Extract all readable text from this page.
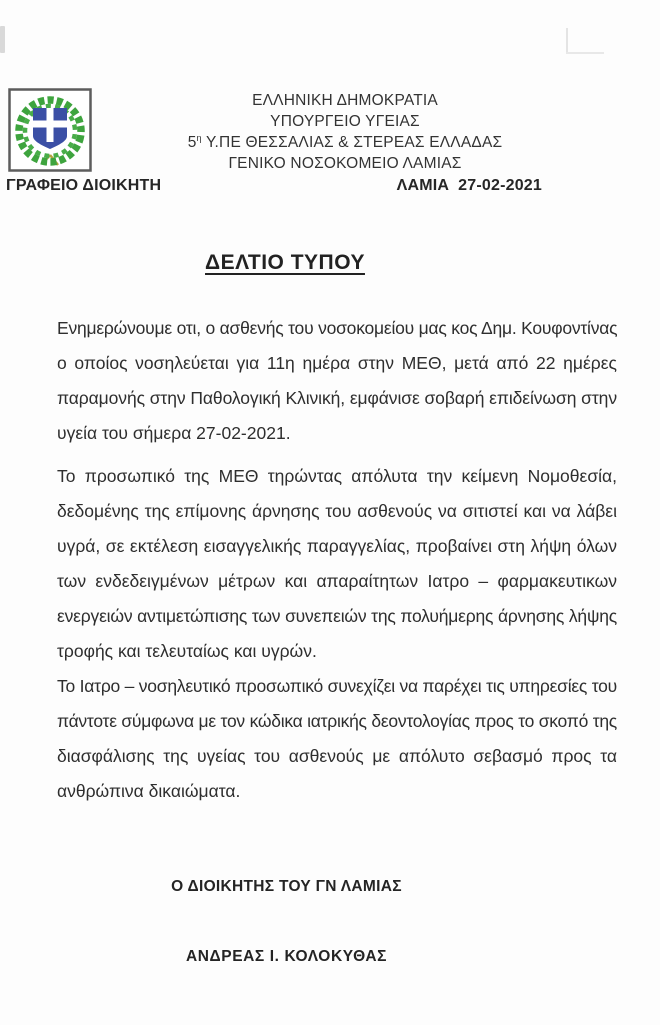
ΕΛΛΗΝΙΚΗ ΔΗΜΟΚΡΑΤΙΑ
ΥΠΟΥΡΓΕΙΟ ΥΓΕΙΑΣ
$5^\eta$ Υ.ΠΕ ΘΕΣΣΑΛΙΑΣ & ΣΤΕΡΕΑΣ ΕΛΛΑΔΑΣ
ΓΕΝΙΚΟ ΝΟΣΟΚΟΜΕΙΟ ΛΑΜΙΑΣ
ΓΡΑΦΕΙΟ ΔΙΟΙΚΗΤΗ	ΛΑΜΙΑ 27-02-2021
ΔΕΛΤΙΟ ΤΥΠΟΥ

Ενημερώνουμε οτι, ο ασθενής του νοσοκομείου μας κος Δημ. Κουφοντίνας
ο οποίος νοσηλεύεται για 11η ημέρα στην ΜΕΘ, μετά από 22 ημέρες
παραμονής στην Παθολογική Κλινική, εμφάνισε σοβαρή επιδείνωση στην
υγεία του σήμερα 27-02-2021.

Το προσωπικό της ΜΕΘ τηρώντας απόλυτα την κείμενη Νομοθεσία,
δεδομένης της επίμονης άρνησης του ασθενούς να σιτιστεί και να λάβει
υγρά, σε εκτέλεση εισαγγελικής παραγγελίας, προβαίνει στη λήψη όλων
των ενδεδειγμένων μέτρων και απαραίτητων Ιατρο – φαρμακευτικων
ενεργειών αντιμετώπισης των συνεπειών της πολυήμερης άρνησης λήψης
τροφής και τελευταίως και υγρών.

Το Ιατρο – νοσηλευτικό προσωπικό συνεχίζει να παρέχει τις υπηρεσίες του
πάντοτε σύμφωνα με τον κώδικα ιατρικής δεοντολογίας προς το σκοπό της
διασφάλισης της υγείας του ασθενούς με απόλυτο σεβασμό προς τα
ανθρώπινα δικαιώματα.

Ο ΔΙΟΙΚΗΤΗΣ ΤΟΥ ΓΝ ΛΑΜΙΑΣ
ΑΝΔΡΕΑΣ Ι. ΚΟΛΟΚΥΘΑΣ
